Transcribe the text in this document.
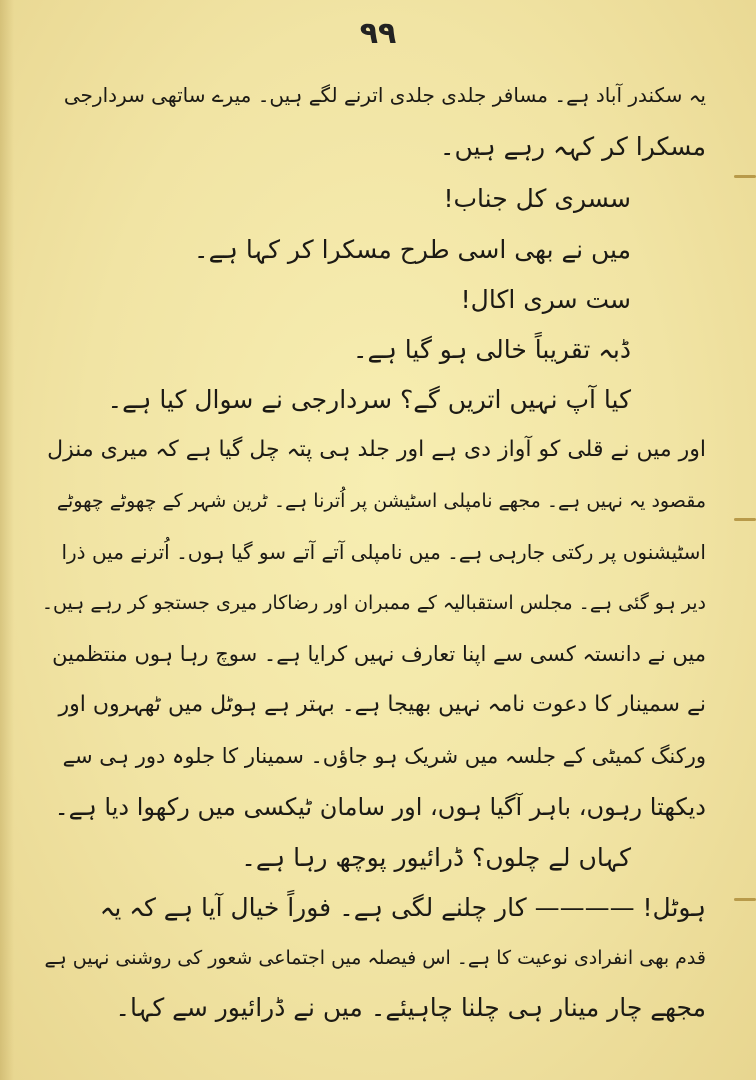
۹۹
یہ سکندر آباد ہے۔ مسافر جلدی جلدی اترنے لگے ہیں۔ میرے ساتھی سردارجی
مسکرا کر کہہ رہے ہیں۔
سسری کل جناب!
میں نے بھی اسی طرح مسکرا کر کہا ہے۔
ست سری اکال!
ڈبہ تقریباً خالی ہو گیا ہے۔
کیا آپ نہیں اتریں گے؟ سردارجی نے سوال کیا ہے۔
اور میں نے قلی کو آواز دی ہے اور جلد ہی پتہ چل گیا ہے کہ میری منزل
مقصود یہ نہیں ہے۔ مجھے نامپلی اسٹیشن پر اُترنا ہے۔ ٹرین شہر کے چھوٹے چھوٹے
اسٹیشنوں پر رکتی جارہی ہے۔ میں نامپلی آتے آتے سو گیا ہوں۔ اُترنے میں ذرا
دیر ہو گئی ہے۔ مجلس استقبالیہ کے ممبران اور رضاکار میری جستجو کر رہے ہیں۔
میں نے دانستہ کسی سے اپنا تعارف نہیں کرایا ہے۔ سوچ رہا ہوں منتظمین
نے سمینار کا دعوت نامہ نہیں بھیجا ہے۔ بہتر ہے ہوٹل میں ٹھہروں اور
ورکنگ کمیٹی کے جلسہ میں شریک ہو جاؤں۔ سمینار کا جلوہ دور ہی سے
دیکھتا رہوں، باہر آگیا ہوں، اور سامان ٹیکسی میں رکھوا دیا ہے۔
کہاں لے چلوں؟ ڈرائیور پوچھ رہا ہے۔
ہوٹل! ———— کار چلنے لگی ہے۔ فوراً خیال آیا ہے کہ یہ
قدم بھی انفرادی نوعیت کا ہے۔ اس فیصلہ میں اجتماعی شعور کی روشنی نہیں ہے
مجھے چار مینار ہی چلنا چاہیئے۔ میں نے ڈرائیور سے کہا۔
